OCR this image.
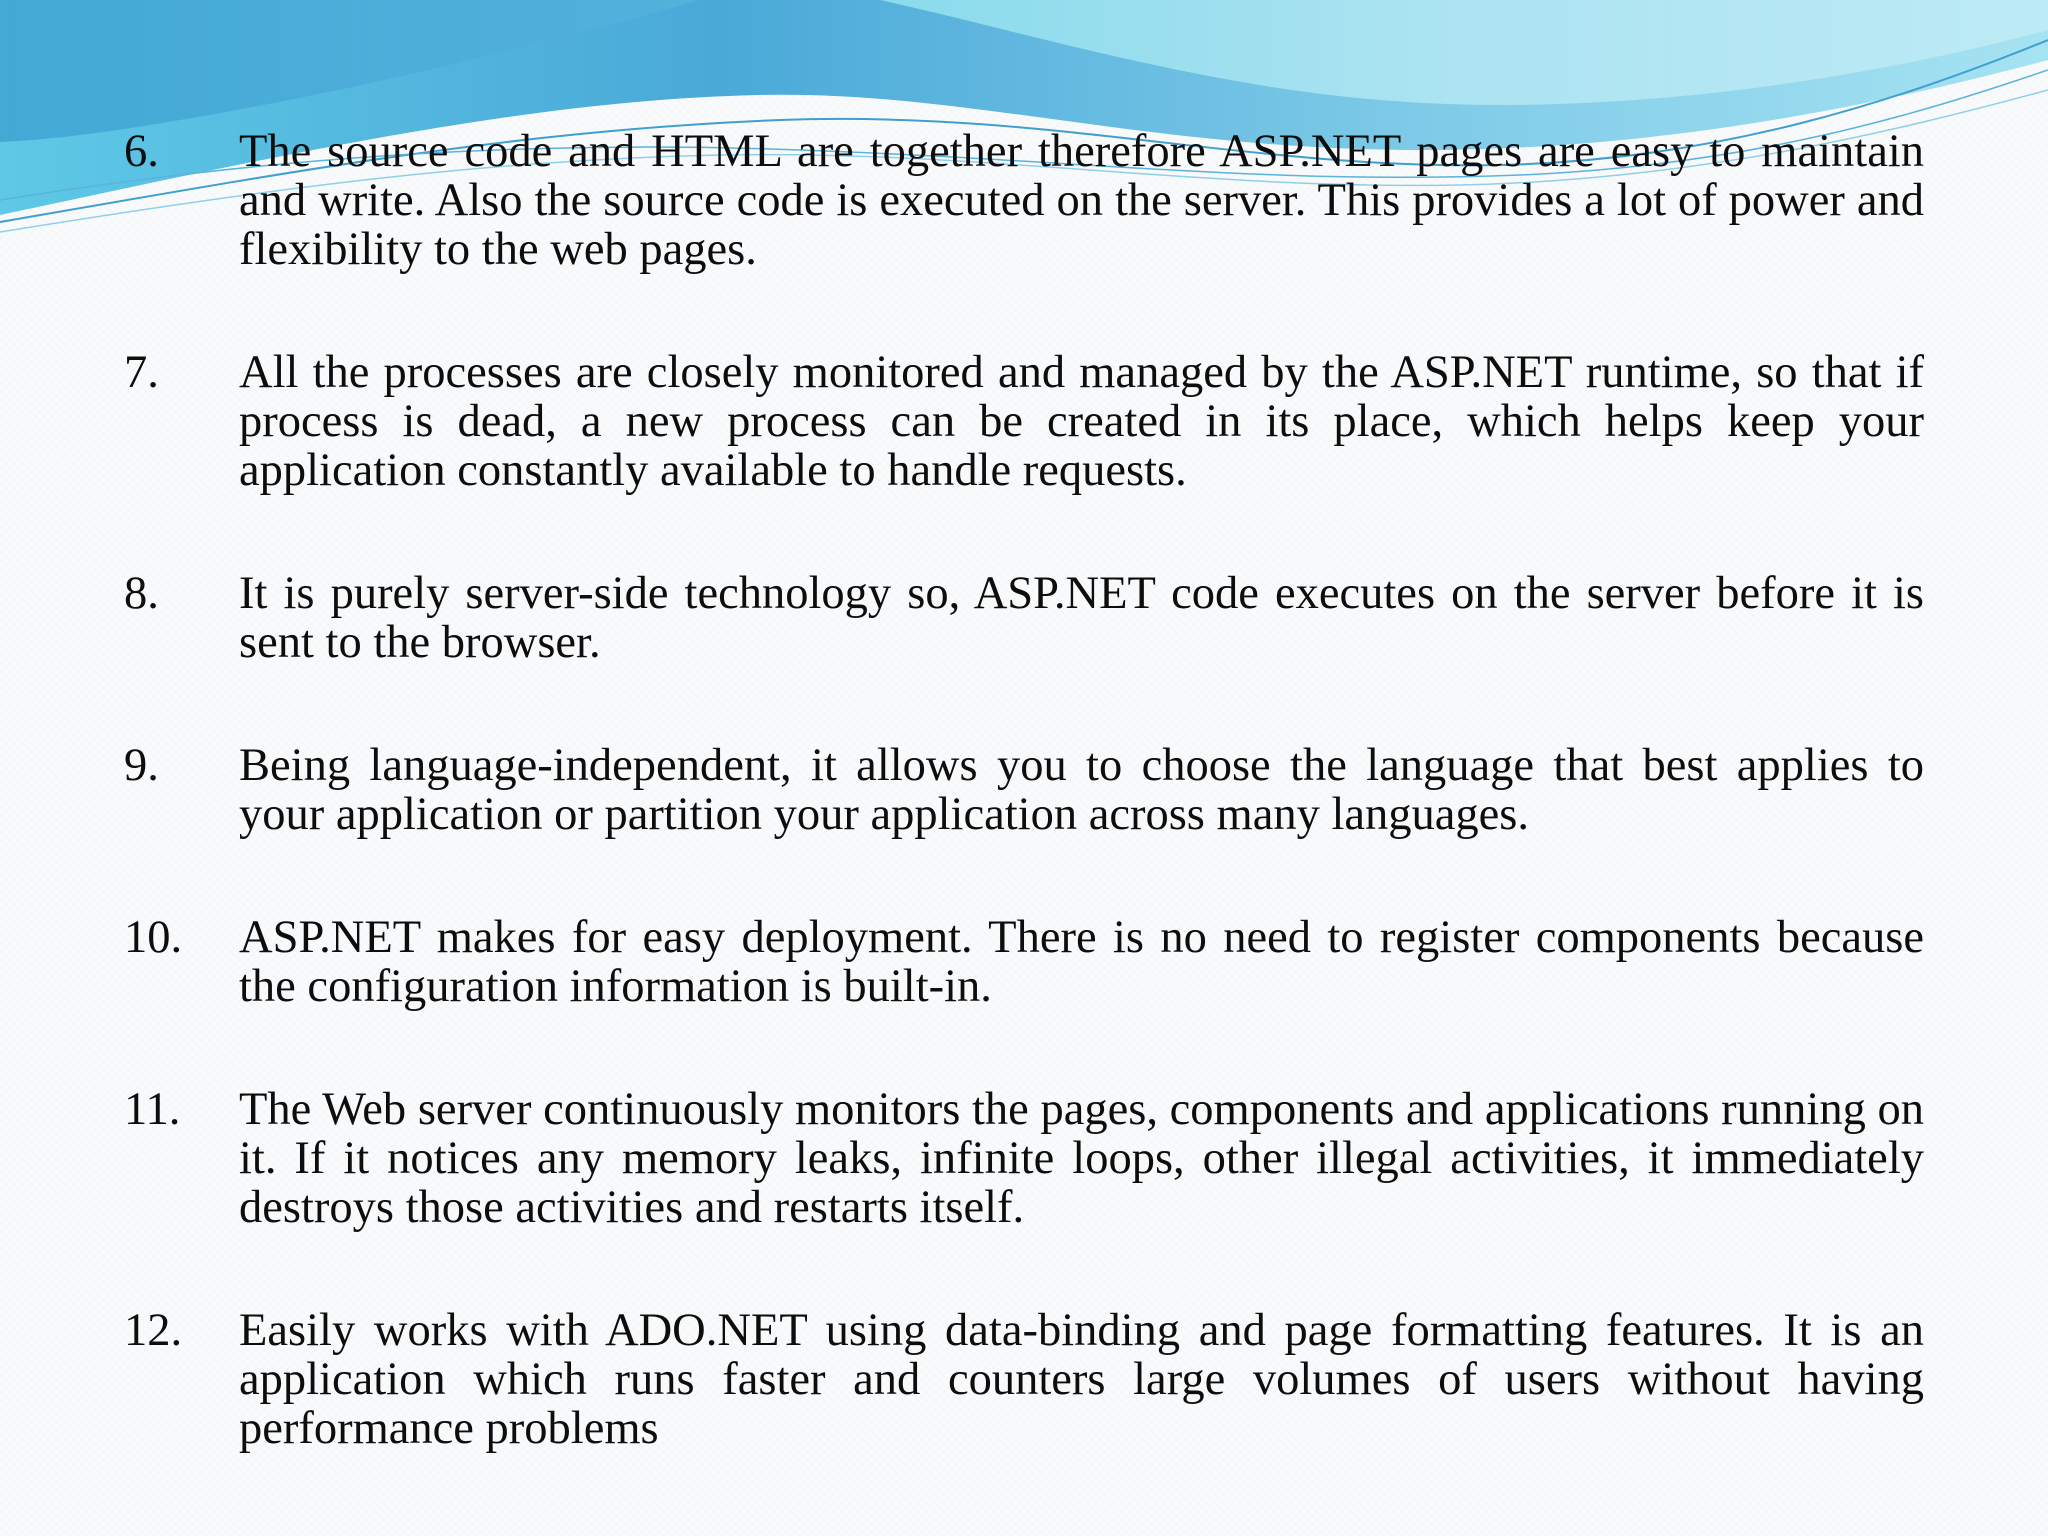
6.	The source code and HTML are together therefore ASP.NET pages are easy to maintain and write. Also the source code is executed on the server. This provides a lot of power and flexibility to the web pages.
7.	All the processes are closely monitored and managed by the ASP.NET runtime, so that if process is dead, a new process can be created in its place, which helps keep your application constantly available to handle requests.
8.	It is purely server-side technology so, ASP.NET code executes on the server before it is sent to the browser.
9.	Being language-independent, it allows you to choose the language that best applies to your application or partition your application across many languages.
10.	ASP.NET makes for easy deployment. There is no need to register components because the configuration information is built-in.
11.	The Web server continuously monitors the pages, components and applications running on it. If it notices any memory leaks, infinite loops, other illegal activities, it immediately destroys those activities and restarts itself.
12.	Easily works with ADO.NET using data-binding and page formatting features. It is an application which runs faster and counters large volumes of users without having performance problems
